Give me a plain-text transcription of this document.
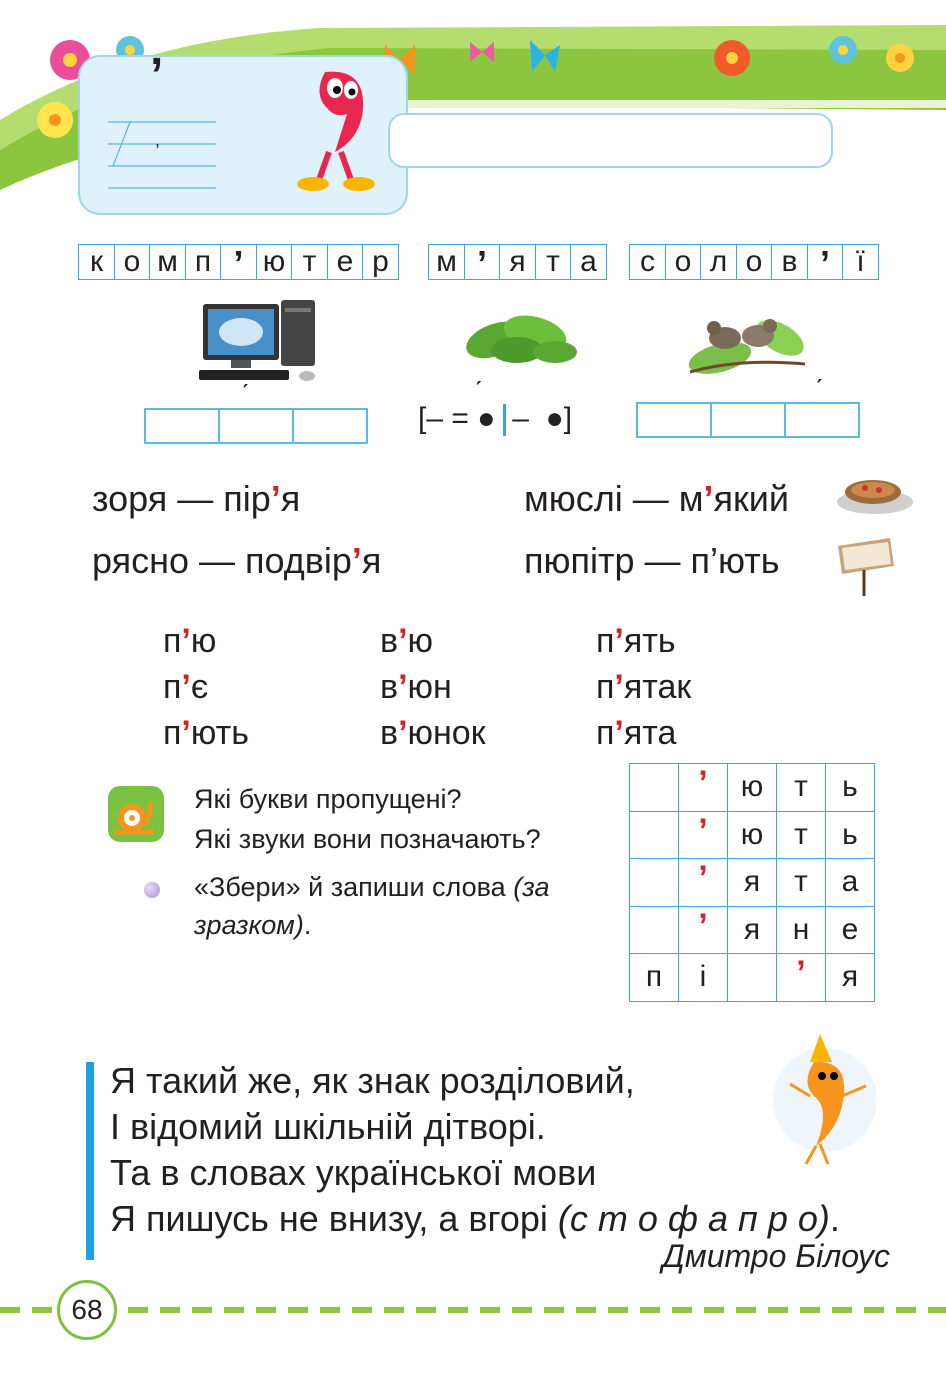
’
,
к о м п ’ ю т е р	м ’ я т а	с о л о в ’ ї
[– = ●–  ●]
зоря — пір’я	мюслі — м’який
рясно — подвір’я	пюпітр — п’ють
п’ю
п’є
п’ють
в’ю
в’юн
в’юнок
п’ять
п’ятак
п’ята
Які букви пропущені?
Які звуки вони позначають?
«Збери» й запиши слова (за
зразком).
	’	ю	т	ь
	’	ю	т	ь
	’	я	т	а
	’	я	н	е
п	і		’	я
Я такий же, як знак розділовий,
І відомий шкільній дітворі.
Та в словах української мови
Я пишусь не внизу, а вгорі (с т о ф а п р о).
Дмитро Білоус
68
